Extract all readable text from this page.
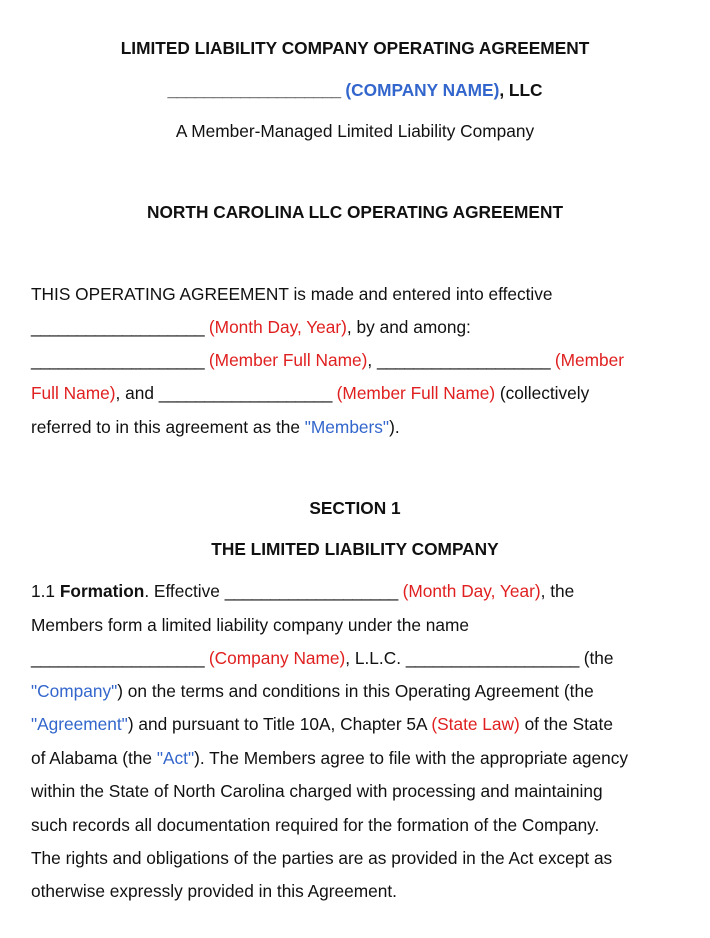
LIMITED LIABILITY COMPANY OPERATING AGREEMENT
___________________ (COMPANY NAME), LLC
A Member-Managed Limited Liability Company
NORTH CAROLINA LLC OPERATING AGREEMENT
THIS OPERATING AGREEMENT is made and entered into effective
___________________ (Month Day, Year), by and among:
___________________ (Member Full Name), ___________________ (Member
Full Name), and ___________________ (Member Full Name) (collectively
referred to in this agreement as the "Members").
SECTION 1
THE LIMITED LIABILITY COMPANY
1.1 Formation. Effective ___________________ (Month Day, Year), the
Members form a limited liability company under the name
___________________ (Company Name), L.L.C. ___________________ (the
"Company") on the terms and conditions in this Operating Agreement (the
"Agreement") and pursuant to Title 10A, Chapter 5A (State Law) of the State
of Alabama (the "Act"). The Members agree to file with the appropriate agency
within the State of North Carolina charged with processing and maintaining
such records all documentation required for the formation of the Company.
The rights and obligations of the parties are as provided in the Act except as
otherwise expressly provided in this Agreement.
